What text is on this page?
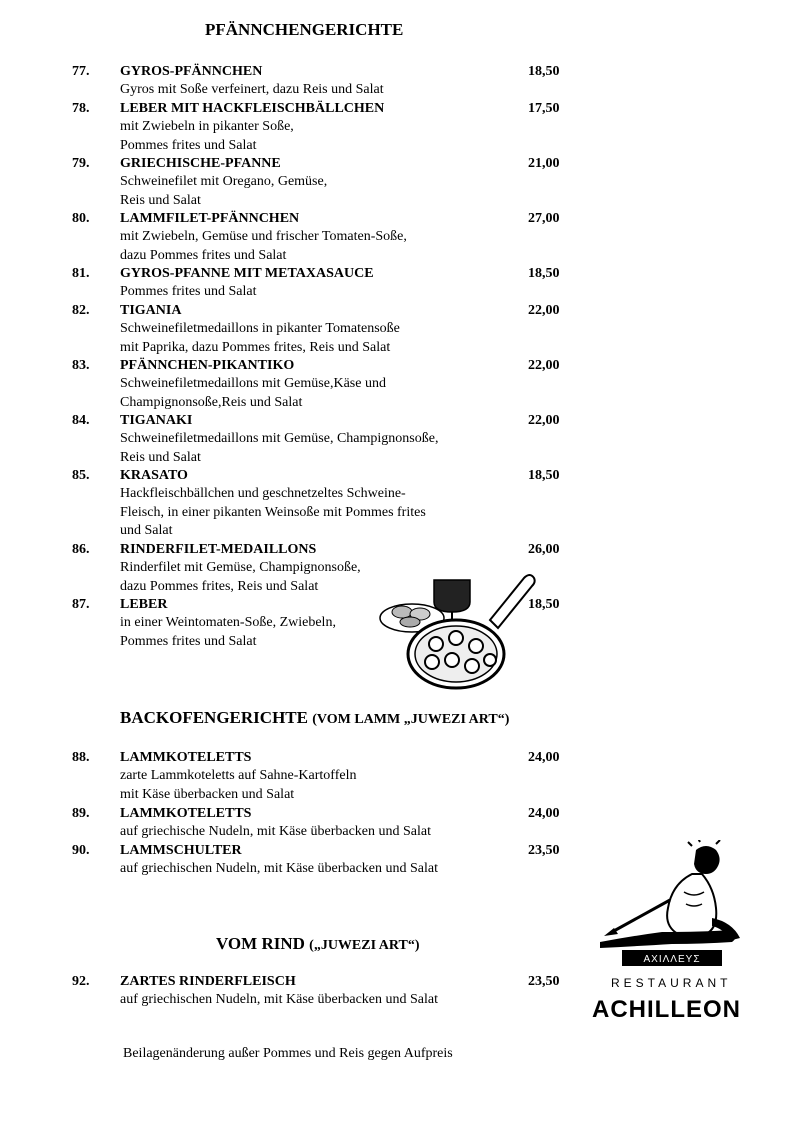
PFÄNNCHENGERICHTE
BACKOFENGERICHTE (VOM LAMM „JUWEZI ART“)
VOM RIND („JUWEZI ART“)
77. GYROS-PFÄNNCHEN	18,50
Gyros mit Soße verfeinert, dazu Reis und Salat
78. LEBER MIT HACKFLEISCHBÄLLCHEN	17,50
mit Zwiebeln in pikanter Soße,
Pommes frites und Salat
79. GRIECHISCHE-PFANNE	21,00
Schweinefilet mit Oregano, Gemüse,
Reis und Salat
80. LAMMFILET-PFÄNNCHEN	27,00
mit Zwiebeln, Gemüse und frischer Tomaten-Soße,
dazu Pommes frites und Salat
81. GYROS-PFANNE MIT METAXASAUCE	18,50
Pommes frites und Salat
82. TIGANIA	22,00
Schweinefiletmedaillons in pikanter Tomatensoße
mit Paprika, dazu Pommes frites, Reis und Salat
83. PFÄNNCHEN-PIKANTIKO	22,00
Schweinefiletmedaillons mit Gemüse,Käse und
Champignonsoße,Reis und Salat
84. TIGANAKI	22,00
Schweinefiletmedaillons mit Gemüse, Champignonsoße,
Reis und Salat
85. KRASATO	18,50
Hackfleischbällchen und geschnetzeltes Schweine-
Fleisch, in einer pikanten Weinsoße mit Pommes frites
und Salat
86. RINDERFILET-MEDAILLONS	26,00
Rinderfilet mit Gemüse, Champignonsoße,
dazu Pommes frites, Reis und Salat
87. LEBER	18,50
in einer Weintomaten-Soße, Zwiebeln,
Pommes frites und Salat
88. LAMMKOTELETTS	24,00
zarte Lammkoteletts auf Sahne-Kartoffeln
mit Käse überbacken und Salat
89. LAMMKOTELETTS	24,00
auf griechische Nudeln, mit Käse überbacken und Salat
90. LAMMSCHULTER	23,50
auf griechischen Nudeln, mit Käse überbacken und Salat
92. ZARTES RINDERFLEISCH	23,50
auf griechischen Nudeln, mit Käse überbacken und Salat
ΑΧΙΛΛΕΥΣ
RESTAURANT
ACHILLEON
Beilagenänderung außer Pommes und Reis gegen Aufpreis
